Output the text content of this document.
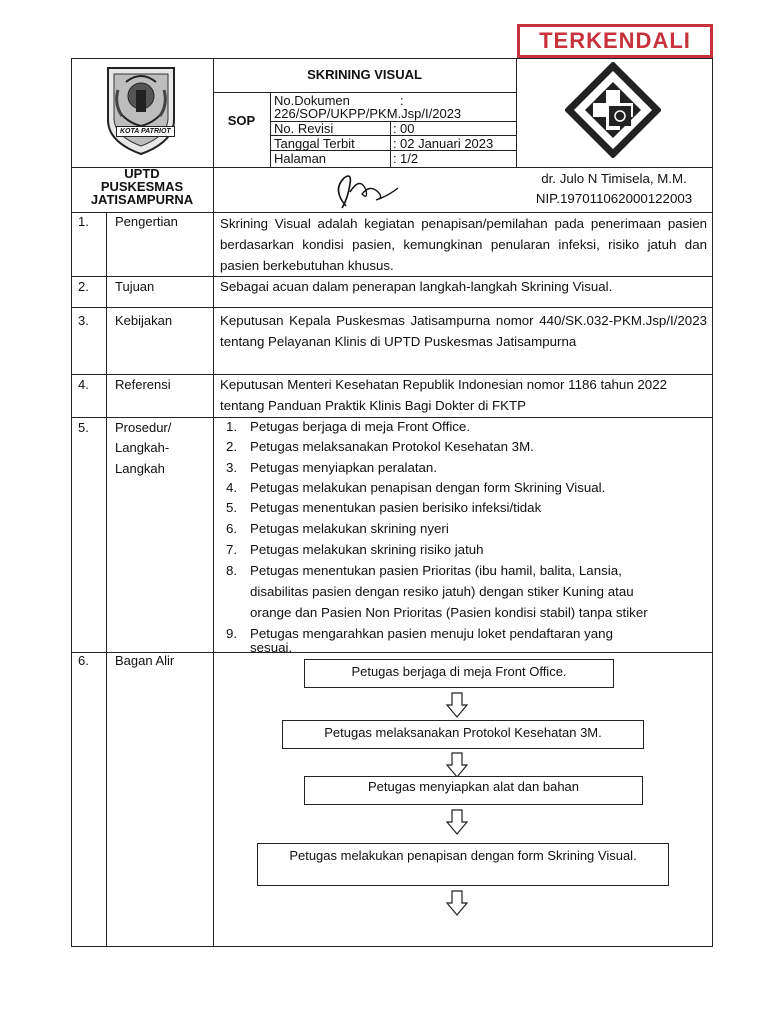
TERKENDALI
KOTA PATRIOT
UPTD
PUSKESMAS
JATISAMPURNA
SKRINING VISUAL
SOP
No.Dokumen	:
226/SOP/UKPP/PKM.Jsp/I/2023
No. Revisi	: 00
Tanggal Terbit	: 02 Januari 2023
Halaman	: 1/2
dr. Julo N Timisela, M.M.
NIP.197011062000122003
1. Pengertian	Skrining Visual adalah kegiatan penapisan/pemilahan pada penerimaan pasien berdasarkan kondisi pasien, kemungkinan penularan infeksi, risiko jatuh dan pasien berkebutuhan khusus.
2. Tujuan	Sebagai acuan dalam penerapan langkah-langkah Skrining Visual.
3. Kebijakan	Keputusan Kepala Puskesmas Jatisampurna nomor 440/SK.032-PKM.Jsp/I/2023 tentang Pelayanan Klinis di UPTD Puskesmas Jatisampurna
4. Referensi	Keputusan Menteri Kesehatan Republik Indonesian nomor 1186 tahun 2022 tentang Panduan Praktik Klinis Bagi Dokter di FKTP
5. Prosedur/
Langkah-
Langkah
1. Petugas berjaga di meja Front Office.
2. Petugas melaksanakan Protokol Kesehatan 3M.
3. Petugas menyiapkan peralatan.
4. Petugas melakukan penapisan dengan form Skrining Visual.
5. Petugas menentukan pasien berisiko infeksi/tidak
6. Petugas melakukan skrining nyeri
7. Petugas melakukan skrining risiko jatuh
8. Petugas menentukan pasien Prioritas (ibu hamil, balita, Lansia,
disabilitas pasien dengan resiko jatuh) dengan stiker Kuning atau
orange dan Pasien Non Prioritas (Pasien kondisi stabil) tanpa stiker
9. Petugas mengarahkan pasien menuju loket pendaftaran yang
sesuai.
6. Bagan Alir
Petugas berjaga di meja Front Office.
Petugas melaksanakan Protokol Kesehatan 3M.
Petugas menyiapkan alat dan bahan
Petugas melakukan penapisan dengan form Skrining Visual.
